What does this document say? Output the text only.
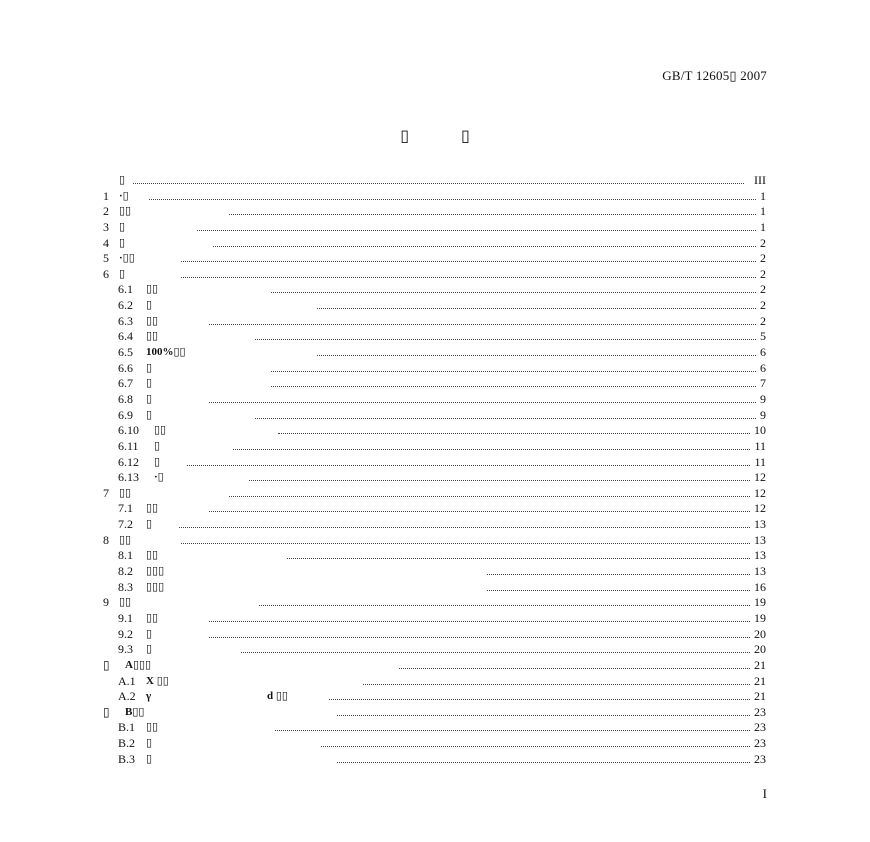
GB/T 12605▯ 2007
▯▯
▯	III
1 ·▯	1
2 ▯▯	1
3 ▯	1
4 ▯	2
5 ·▯▯	2
6 ▯	2
6.1 ▯▯	2
6.2 ▯	2
6.3 ▯▯	2
6.4 ▯▯	5
6.5 100%▯▯	6
6.6 ▯	6
6.7 ▯	7
6.8 ▯	9
6.9 ▯	9
6.10 ▯▯	10
6.11 ▯	11
6.12 ▯	11
6.13 ·▯	12
7 ▯▯	12
7.1 ▯▯	12
7.2 ▯	13
8 ▯▯	13
8.1 ▯▯	13
8.2 ▯▯▯	13
8.3 ▯▯▯	16
9 ▯▯	19
9.1 ▯▯	19
9.2 ▯	20
9.3 ▯	20
▯ A▯▯▯	21
A.1 X ▯▯	21
A.2 γ	d ▯▯	21
▯ B▯▯	23
B.1 ▯▯	23
B.2 ▯	23
B.3 ▯	23
I
